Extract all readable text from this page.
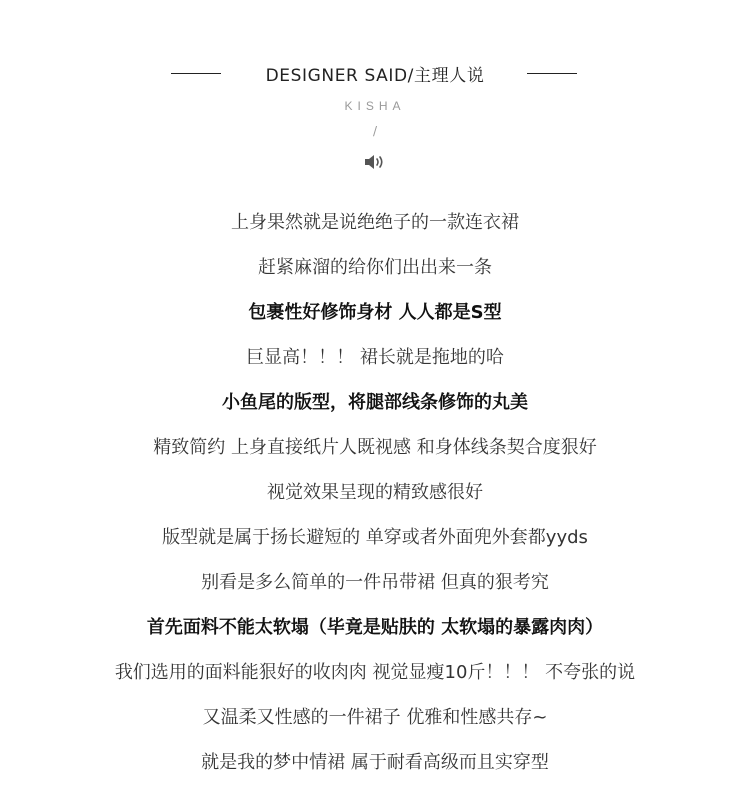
DESIGNER SAID/主理人说
KISHA
/
上身果然就是说绝绝子的一款连衣裙
赶紧麻溜的给你们出出来一条
包裹性好修饰身材 人人都是S型
巨显高！！！ 裙长就是拖地的哈
小鱼尾的版型，将腿部线条修饰的丸美
精致简约 上身直接纸片人既视感 和身体线条契合度狠好
视觉效果呈现的精致感很好
版型就是属于扬长避短的 单穿或者外面兜外套都yyds
别看是多么简单的一件吊带裙 但真的狠考究
首先面料不能太软塌（毕竟是贴肤的 太软塌的暴露肉肉）
我们选用的面料能狠好的收肉肉 视觉显瘦10斤！！！ 不夸张的说
又温柔又性感的一件裙子 优雅和性感共存~
就是我的梦中情裙 属于耐看高级而且实穿型
